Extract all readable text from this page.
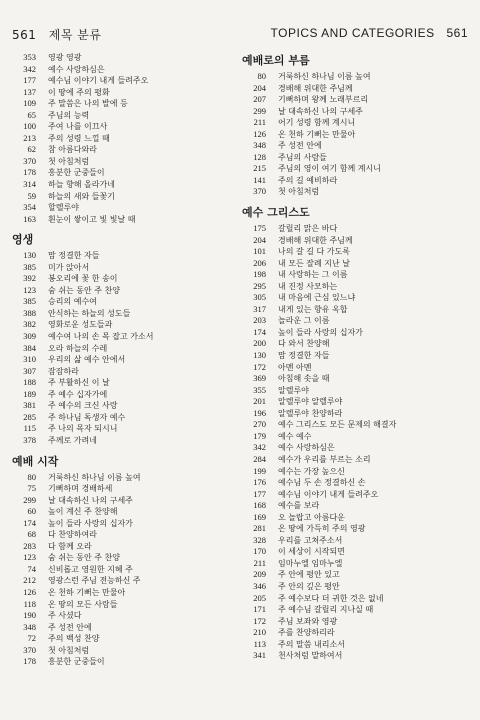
561 제목 분류	TOPICS AND CATEGORIES 561
353 영광 영광
342 예수 사랑하심은
177 예수님 이야기 내게 들려주오
137 이 땅에 주의 평화
109 주 말씀은 나의 발에 등
65 주님의 능력
100 주여 나를 이끄사
213 주의 성령 느낄 때
62 참 아름다와라
370 첫 아침처럼
178 흥분한 군중들이
314 하늘 향해 올라가네
59 하늘의 새와 들꽃기
354 할렐루야
163 흰눈이 쌓이고 빛 빛날 때
영생
130 맘 정결한 자들
385 미가 앉아서
392 봉오리에 꽃 한 송이
123 숨 쉬는 동안 주 찬양
385 승리의 예수여
388 안식하는 하늘의 성도들
382 영화로운 성도들과
309 예수여 나의 손 목 잡고 가소서
384 오라 하늘의 수레
310 우리의 삶 예수 안에서
307 잠잠하라
188 주 부활하신 이 날
189 주 예수 십자가에
381 주 예수의 크신 사랑
285 주 하나님 독생자 예수
115 주 나의 목자 되시니
378 주께로 가려네
예배 시작
80 거룩하신 하나님 이름 높여
75 기뻐하며 경배하세
299 날 대속하신 나의 구세주
60 높이 계신 주 찬양해
174 높이 들라 사랑의 십자가
68 다 찬양하여라
283 다 함께 오라
123 숨 쉬는 동안 주 찬양
74 신비롭고 영원한 지혜 주
212 영광스런 주님 전능하신 주
126 온 천하 기뻐는 만물아
118 온 땅의 모든 사람들
190 주 사셨다
348 주 성전 안에
72 주의 백성 찬양
370 첫 아침처럼
178 흥분한 군중들이
예배로의 부름
80 거룩하신 하나님 이름 높여
204 경배해 위대한 주님께
207 기뻐하며 왕께 노래부르리
299 날 대속하신 나의 구세주
211 어기 성령 함께 계시니
126 온 천하 기뻐는 만물아
348 주 성전 안에
128 주님의 사람들
215 주님의 영이 여기 함께 계시니
141 주의 길 예비하라
370 첫 아침처럼
예수 그리스도
175 갈릴리 맑은 바다
204 경배해 위대한 주님께
101 나의 갈 길 다 가도록
206 내 모든 잘례 지난 날
198 내 사랑하는 그 이름
295 내 진정 사모하는
305 내 마음에 근심 있느냐
317 내게 있는 향유 옥합
203 놀라운 그 이름
174 높이 들라 사랑의 십자가
200 다 와서 찬양해
130 맘 정결한 자들
172 아멘 아멘
369 아침해 솟을 때
355 알렐루야
201 알렐루야 알렐루야
196 알렐루야 찬양하라
270 예수 그리스도 모든 문제의 해결자
179 예수 예수
342 예수 사랑하심은
284 예수가 우리를 부르는 소리
199 예수는 가장 높으신
176 예수님 두 손 정결하신 손
177 예수님 이야기 내게 들려주오
168 예수를 보라
169 오 놀랍고 아름다운
281 온 땅에 가득히 주의 영광
328 우리를 고쳐주소서
170 이 세상이 시작되면
211 임마누엘 임마누엘
209 주 안에 평안 있고
346 주 안의 깊은 평안
205 주 예수보다 더 귀한 것은 없네
171 주 예수님 갈릴리 지나실 때
172 주님 보좌와 영광
210 주를 찬양하리라
113 주의 말씀 내리소서
341 천사처럼 말하여서
